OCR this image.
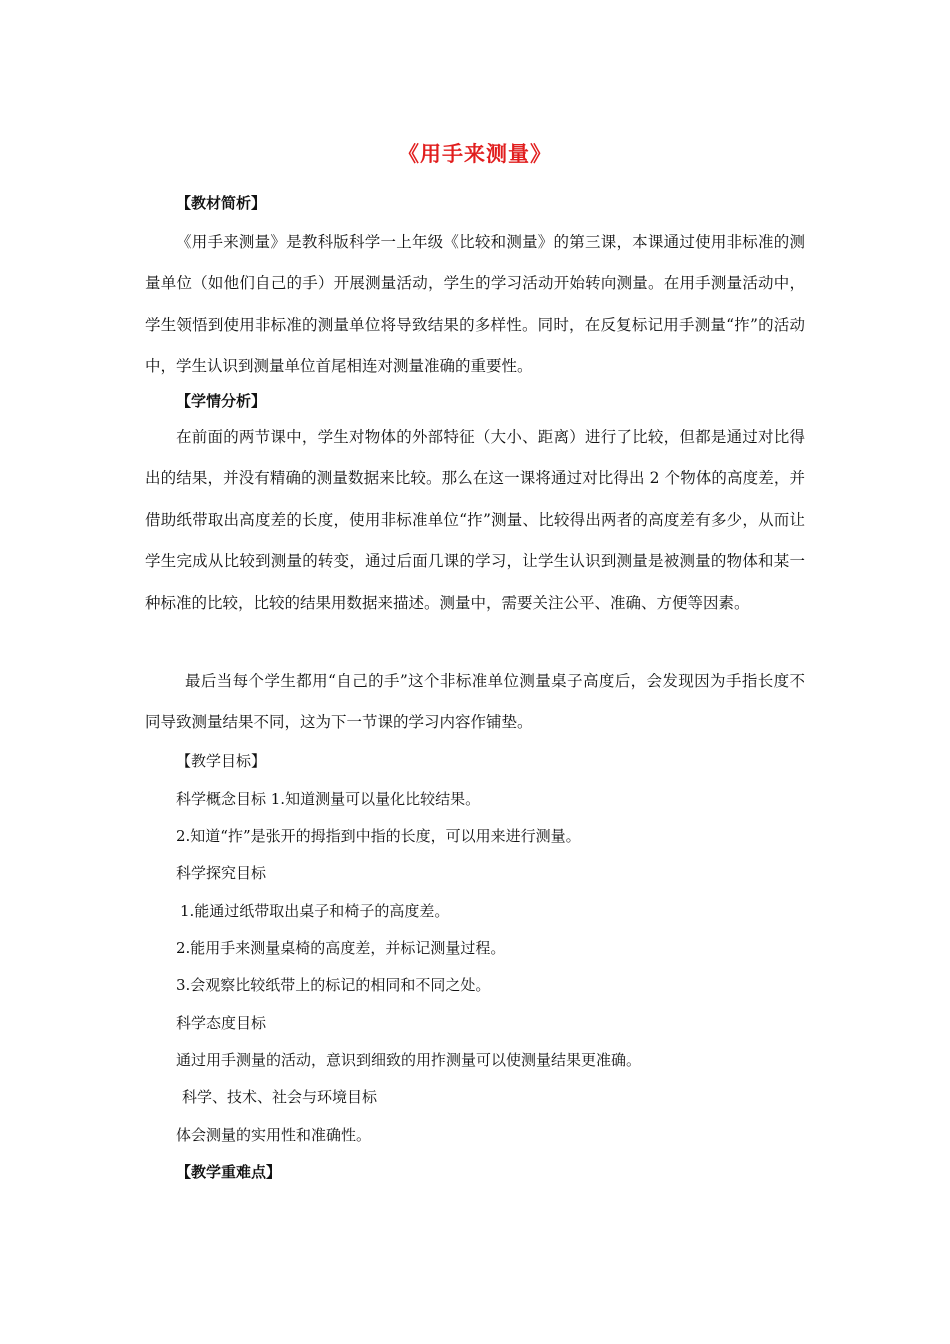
《用手来测量》
【教材简析】
《用手来测量》是教科版科学一上年级《比较和测量》的第三课，本课通过使用非标准的测量单位（如他们自己的手）开展测量活动，学生的学习活动开始转向测量。在用手测量活动中，学生领悟到使用非标准的测量单位将导致结果的多样性。同时，在反复标记用手测量“拃”的活动中，学生认识到测量单位首尾相连对测量准确的重要性。
【学情分析】
在前面的两节课中，学生对物体的外部特征（大小、距离）进行了比较，但都是通过对比得出的结果，并没有精确的测量数据来比较。那么在这一课将通过对比得出 2 个物体的高度差，并借助纸带取出高度差的长度，使用非标准单位“拃”测量、比较得出两者的高度差有多少，从而让学生完成从比较到测量的转变，通过后面几课的学习，让学生认识到测量是被测量的物体和某一种标准的比较，比较的结果用数据来描述。测量中，需要关注公平、准确、方便等因素。
最后当每个学生都用“自己的手”这个非标准单位测量桌子高度后，会发现因为手指长度不同导致测量结果不同，这为下一节课的学习内容作铺垫。
【教学目标】
科学概念目标 1.知道测量可以量化比较结果。
2.知道“拃”是张开的拇指到中指的长度，可以用来进行测量。
科学探究目标
1.能通过纸带取出桌子和椅子的高度差。
2.能用手来测量桌椅的高度差，并标记测量过程。
3.会观察比较纸带上的标记的相同和不同之处。
科学态度目标
通过用手测量的活动，意识到细致的用拃测量可以使测量结果更准确。
科学、技术、社会与环境目标
体会测量的实用性和准确性。
【教学重难点】
